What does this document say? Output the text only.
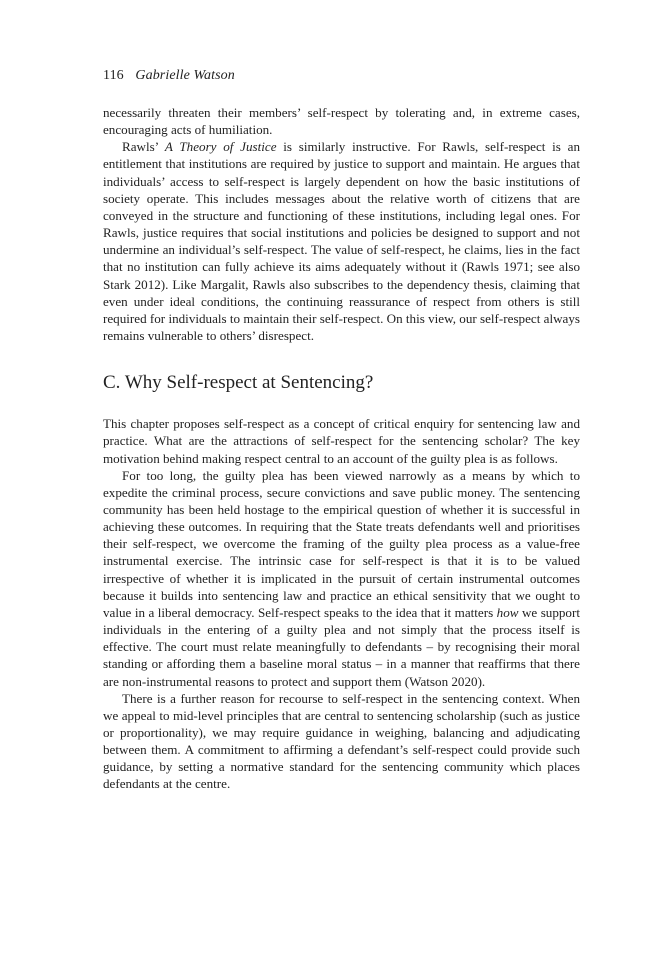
116 Gabrielle Watson

necessarily threaten their members’ self-respect by tolerating and, in extreme cases, encouraging acts of humiliation.

Rawls’ A Theory of Justice is similarly instructive. For Rawls, self-respect is an entitlement that institutions are required by justice to support and maintain. He argues that individuals’ access to self-respect is largely dependent on how the basic institutions of society operate. This includes messages about the relative worth of citizens that are conveyed in the structure and functioning of these institutions, including legal ones. For Rawls, justice requires that social institutions and policies be designed to support and not undermine an individual’s self-respect. The value of self-respect, he claims, lies in the fact that no institution can fully achieve its aims adequately without it (Rawls 1971; see also Stark 2012). Like Margalit, Rawls also subscribes to the dependency thesis, claiming that even under ideal conditions, the continuing reassurance of respect from others is still required for individuals to maintain their self-respect. On this view, our self-respect always remains vulnerable to others’ disrespect.

C. Why Self-respect at Sentencing?

This chapter proposes self-respect as a concept of critical enquiry for sentencing law and practice. What are the attractions of self-respect for the sentencing scholar? The key motivation behind making respect central to an account of the guilty plea is as follows.

For too long, the guilty plea has been viewed narrowly as a means by which to expedite the criminal process, secure convictions and save public money. The sentencing community has been held hostage to the empirical question of whether it is successful in achieving these outcomes. In requiring that the State treats defendants well and prioritises their self-respect, we overcome the framing of the guilty plea process as a value-free instrumental exercise. The intrinsic case for self-respect is that it is to be valued irrespective of whether it is implicated in the pursuit of certain instrumental outcomes because it builds into sentencing law and practice an ethical sensitivity that we ought to value in a liberal democracy. Self-respect speaks to the idea that it matters how we support individuals in the entering of a guilty plea and not simply that the process itself is effective. The court must relate meaningfully to defendants – by recognising their moral standing or affording them a baseline moral status – in a manner that reaffirms that there are non-instrumental reasons to protect and support them (Watson 2020).

There is a further reason for recourse to self-respect in the sentencing context. When we appeal to mid-level principles that are central to sentencing scholarship (such as justice or proportionality), we may require guidance in weighing, balancing and adjudicating between them. A commitment to affirming a defendant’s self-respect could provide such guidance, by setting a normative standard for the sentencing community which places defendants at the centre.
